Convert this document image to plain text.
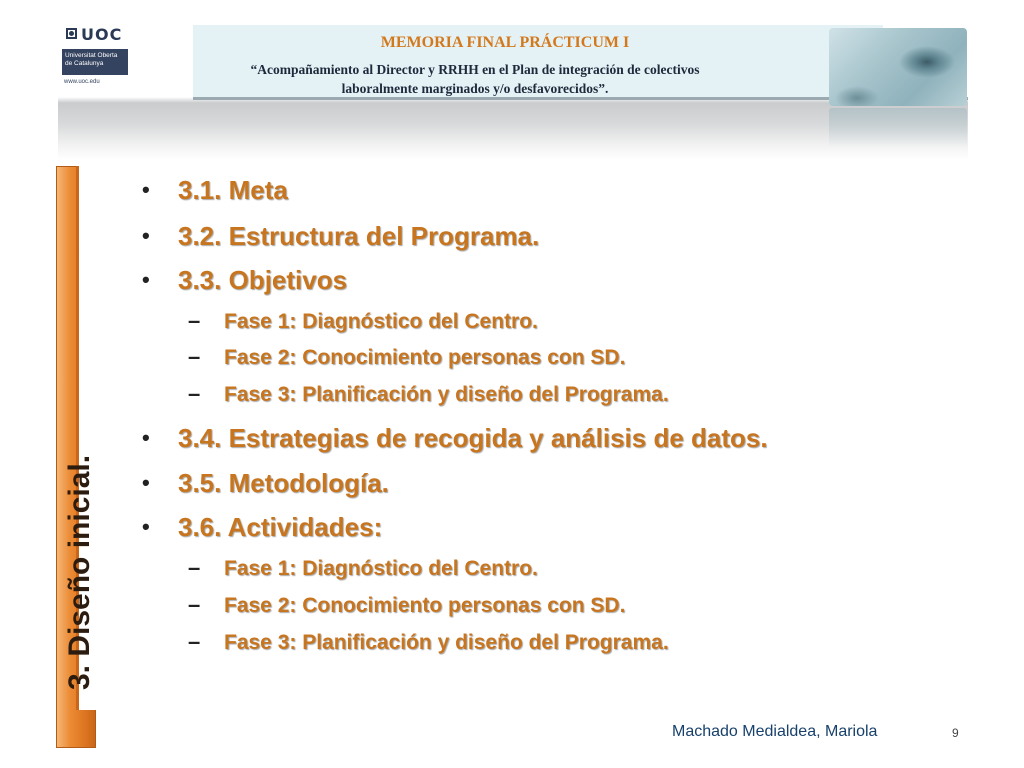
UOC
Universitat Oberta
de Catalunya
www.uoc.edu
MEMORIA FINAL PRÁCTICUM I
“Acompañamiento al Director y RRHH en el Plan de integración de colectivos
laboralmente marginados y/o desfavorecidos”.
3. Diseño inicial.
• 3.1. Meta
• 3.2. Estructura del Programa.
• 3.3. Objetivos
– Fase 1: Diagnóstico del Centro.
– Fase 2: Conocimiento personas con SD.
– Fase 3: Planificación y diseño del Programa.
• 3.4. Estrategias de recogida y análisis de datos.
• 3.5. Metodología.
• 3.6. Actividades:
– Fase 1: Diagnóstico del Centro.
– Fase 2: Conocimiento personas con SD.
– Fase 3: Planificación y diseño del Programa.
Machado Medialdea, Mariola	9
